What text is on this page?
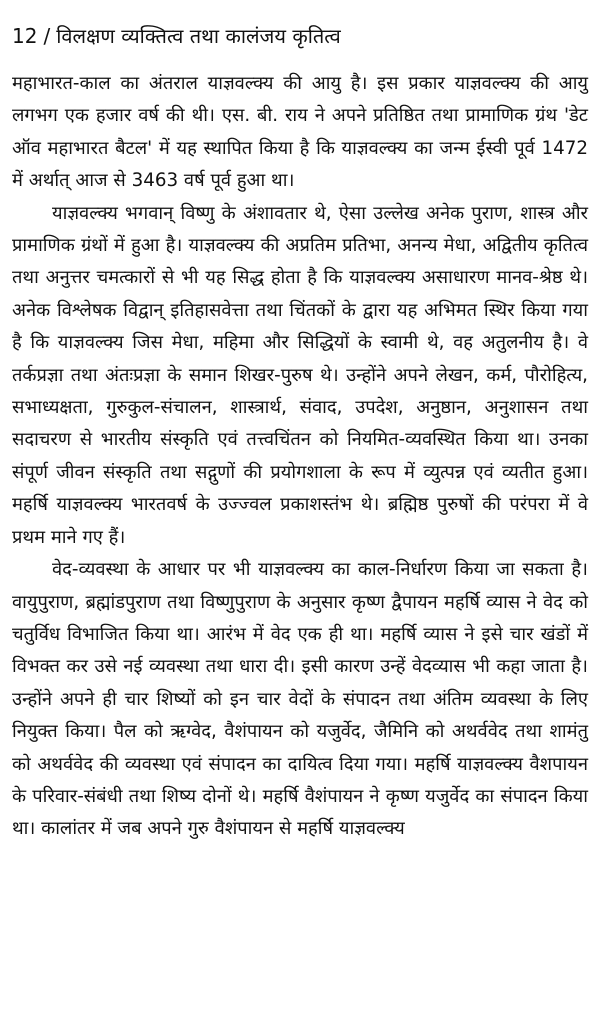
12 / विलक्षण व्यक्तित्व तथा कालंजय कृतित्व

महाभारत-काल का अंतराल याज्ञवल्क्य की आयु है। इस प्रकार याज्ञवल्क्य की आयु लगभग एक हजार वर्ष की थी। एस. बी. राय ने अपने प्रतिष्ठित तथा प्रामाणिक ग्रंथ 'डेट ऑव महाभारत बैटल' में यह स्थापित किया है कि याज्ञवल्क्य का जन्म ईस्वी पूर्व 1472 में अर्थात् आज से 3463 वर्ष पूर्व हुआ था।

याज्ञवल्क्य भगवान् विष्णु के अंशावतार थे, ऐसा उल्लेख अनेक पुराण, शास्त्र और प्रामाणिक ग्रंथों में हुआ है। याज्ञवल्क्य की अप्रतिम प्रतिभा, अनन्य मेधा, अद्वितीय कृतित्व तथा अनुत्तर चमत्कारों से भी यह सिद्ध होता है कि याज्ञवल्क्य असाधारण मानव-श्रेष्ठ थे। अनेक विश्लेषक विद्वान् इतिहासवेत्ता तथा चिंतकों के द्वारा यह अभिमत स्थिर किया गया है कि याज्ञवल्क्य जिस मेधा, महिमा और सिद्धियों के स्वामी थे, वह अतुलनीय है। वे तर्कप्रज्ञा तथा अंतःप्रज्ञा के समान शिखर-पुरुष थे। उन्होंने अपने लेखन, कर्म, पौरोहित्य, सभाध्यक्षता, गुरुकुल-संचालन, शास्त्रार्थ, संवाद, उपदेश, अनुष्ठान, अनुशासन तथा सदाचरण से भारतीय संस्कृति एवं तत्त्वचिंतन को नियमित-व्यवस्थित किया था। उनका संपूर्ण जीवन संस्कृति तथा सद्गुणों की प्रयोगशाला के रूप में व्युत्पन्न एवं व्यतीत हुआ। महर्षि याज्ञवल्क्य भारतवर्ष के उज्ज्वल प्रकाशस्तंभ थे। ब्रह्मिष्ठ पुरुषों की परंपरा में वे प्रथम माने गए हैं।

वेद-व्यवस्था के आधार पर भी याज्ञवल्क्य का काल-निर्धारण किया जा सकता है। वायुपुराण, ब्रह्मांडपुराण तथा विष्णुपुराण के अनुसार कृष्ण द्वैपायन महर्षि व्यास ने वेद को चतुर्विध विभाजित किया था। आरंभ में वेद एक ही था। महर्षि व्यास ने इसे चार खंडों में विभक्त कर उसे नई व्यवस्था तथा धारा दी। इसी कारण उन्हें वेदव्यास भी कहा जाता है। उन्होंने अपने ही चार शिष्यों को इन चार वेदों के संपादन तथा अंतिम व्यवस्था के लिए नियुक्त किया। पैल को ऋग्वेद, वैशंपायन को यजुर्वेद, जैमिनि को अथर्ववेद तथा शामंतु को अथर्ववेद की व्यवस्था एवं संपादन का दायित्व दिया गया। महर्षि याज्ञवल्क्य वैशपायन के परिवार-संबंधी तथा शिष्य दोनों थे। महर्षि वैशंपायन ने कृष्ण यजुर्वेद का संपादन किया था। कालांतर में जब अपने गुरु वैशंपायन से महर्षि याज्ञवल्क्य
